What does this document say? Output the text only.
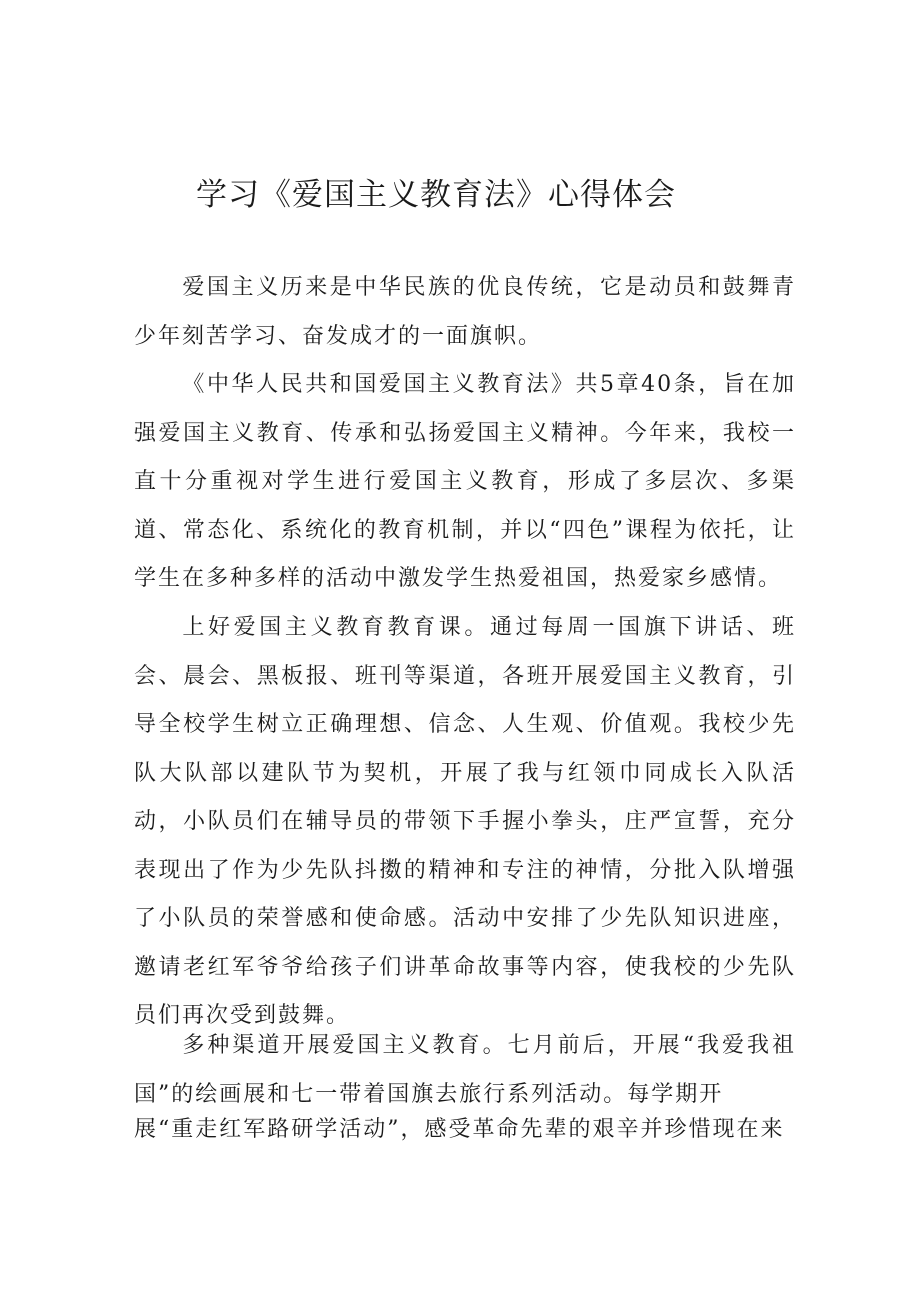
学习《爱国主义教育法》心得体会

爱国主义历来是中华民族的优良传统，它是动员和鼓舞青少年刻苦学习、奋发成才的一面旗帜。

《中华人民共和国爱国主义教育法》共5章40条，旨在加强爱国主义教育、传承和弘扬爱国主义精神。今年来，我校一直十分重视对学生进行爱国主义教育，形成了多层次、多渠道、常态化、系统化的教育机制，并以“四色”课程为依托，让学生在多种多样的活动中激发学生热爱祖国，热爱家乡感情。

上好爱国主义教育教育课。通过每周一国旗下讲话、班会、晨会、黑板报、班刊等渠道，各班开展爱国主义教育，引导全校学生树立正确理想、信念、人生观、价值观。我校少先队大队部以建队节为契机，开展了我与红领巾同成长入队活动，小队员们在辅导员的带领下手握小拳头，庄严宣誓，充分表现出了作为少先队抖擞的精神和专注的神情，分批入队增强了小队员的荣誉感和使命感。活动中安排了少先队知识进座，邀请老红军爷爷给孩子们讲革命故事等内容，使我校的少先队员们再次受到鼓舞。

多种渠道开展爱国主义教育。七月前后，开展“我爱我祖国”的绘画展和七一带着国旗去旅行系列活动。每学期开

展“重走红军路研学活动”，感受革命先辈的艰辛并珍惜现在来
